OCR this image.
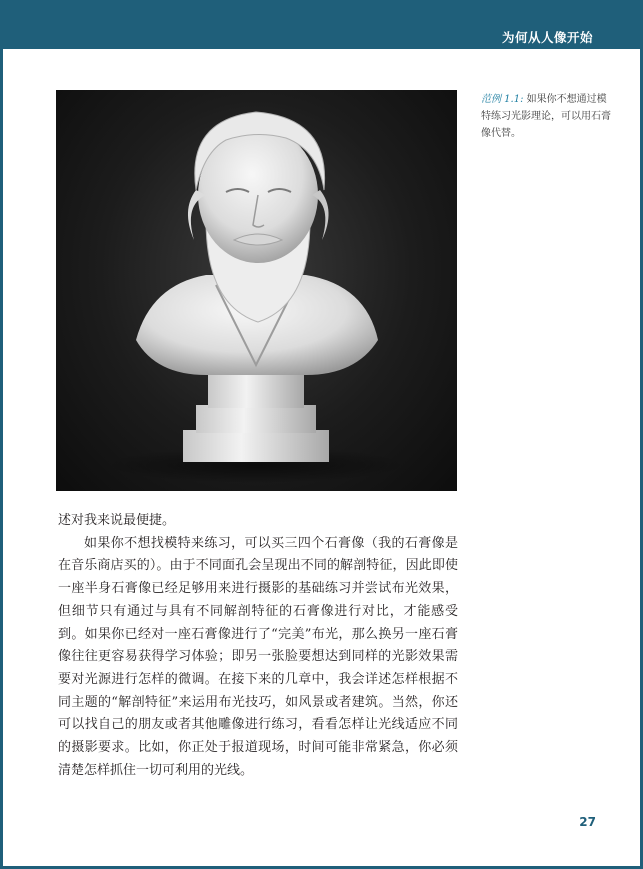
为何从人像开始
范例 1.1: 如果你不想通过模特练习光影理论，可以用石膏像代替。

述对我来说最便捷。

如果你不想找模特来练习，可以买三四个石膏像（我的石膏像是在音乐商店买的）。由于不同面孔会呈现出不同的解剖特征，因此即使一座半身石膏像已经足够用来进行摄影的基础练习并尝试布光效果，但细节只有通过与具有不同解剖特征的石膏像进行对比，才能感受到。如果你已经对一座石膏像进行了“完美”布光，那么换另一座石膏像往往更容易获得学习体验；即另一张脸要想达到同样的光影效果需要对光源进行怎样的微调。在接下来的几章中，我会详述怎样根据不同主题的“解剖特征”来运用布光技巧，如风景或者建筑。当然，你还可以找自己的朋友或者其他雕像进行练习，看看怎样让光线适应不同的摄影要求。比如，你正处于报道现场，时间可能非常紧急，你必须清楚怎样抓住一切可利用的光线。

27
